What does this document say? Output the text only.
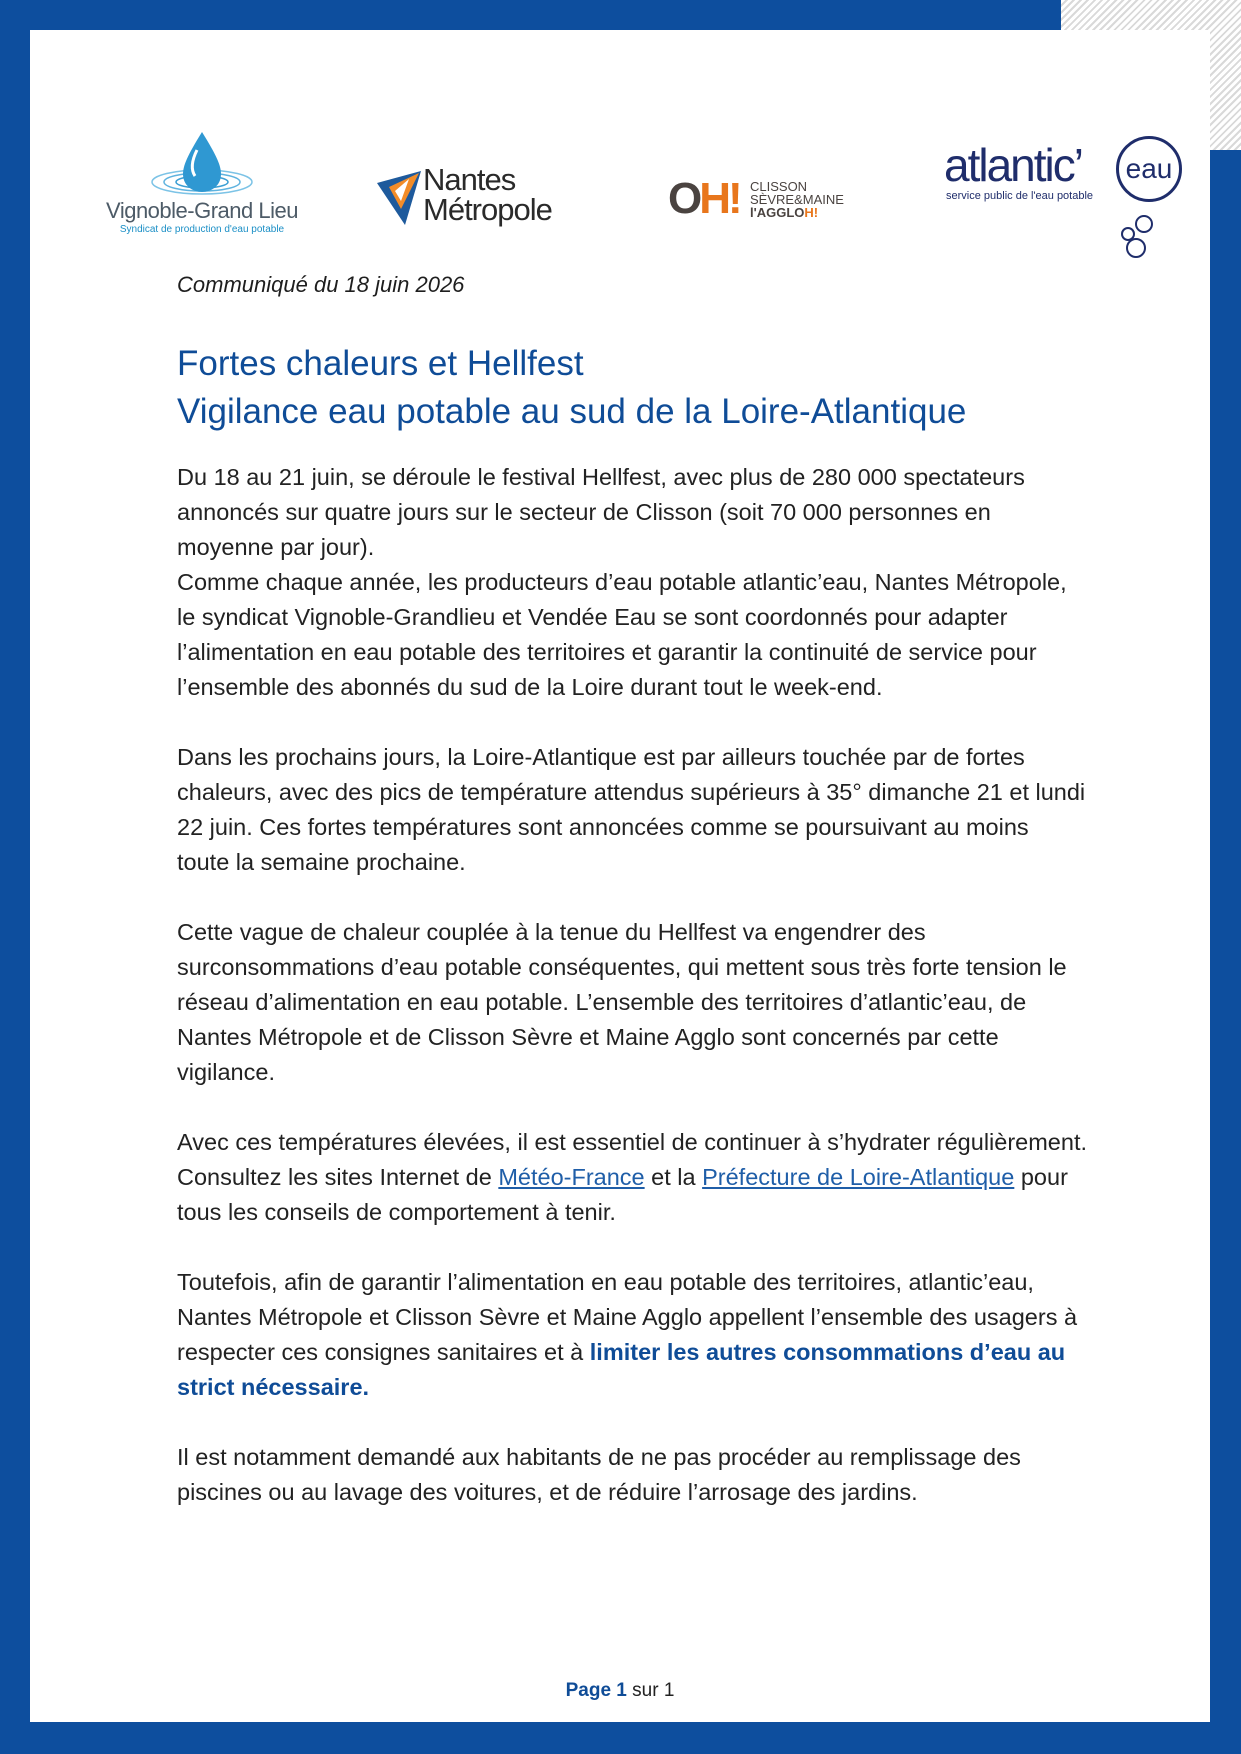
Vignoble-Grand Lieu
Syndicat de production d'eau potable
Nantes
Métropole	OH! CLISSON
SÈVRE&MAINE
l'AGGLOH!
atlantic’	eau
service public de l'eau potable

Communiqué du 18 juin 2026

Fortes chaleurs et Hellfest
Vigilance eau potable au sud de la Loire-Atlantique

Du 18 au 21 juin, se déroule le festival Hellfest, avec plus de 280 000 spectateurs annoncés sur quatre jours sur le secteur de Clisson (soit 70 000 personnes en moyenne par jour).
Comme chaque année, les producteurs d’eau potable atlantic’eau, Nantes Métropole, le syndicat Vignoble-Grandlieu et Vendée Eau se sont coordonnés pour adapter l’alimentation en eau potable des territoires et garantir la continuité de service pour l’ensemble des abonnés du sud de la Loire durant tout le week-end.

Dans les prochains jours, la Loire-Atlantique est par ailleurs touchée par de fortes chaleurs, avec des pics de température attendus supérieurs à 35° dimanche 21 et lundi 22 juin. Ces fortes températures sont annoncées comme se poursuivant au moins toute la semaine prochaine.

Cette vague de chaleur couplée à la tenue du Hellfest va engendrer des surconsommations d’eau potable conséquentes, qui mettent sous très forte tension le réseau d’alimentation en eau potable. L’ensemble des territoires d’atlantic’eau, de Nantes Métropole et de Clisson Sèvre et Maine Agglo sont concernés par cette vigilance.

Avec ces températures élevées, il est essentiel de continuer à s’hydrater régulièrement. Consultez les sites Internet de Météo-France et la Préfecture de Loire-Atlantique pour tous les conseils de comportement à tenir.

Toutefois, afin de garantir l’alimentation en eau potable des territoires, atlantic’eau, Nantes Métropole et Clisson Sèvre et Maine Agglo appellent l’ensemble des usagers à respecter ces consignes sanitaires et à limiter les autres consommations d’eau au strict nécessaire.

Il est notamment demandé aux habitants de ne pas procéder au remplissage des piscines ou au lavage des voitures, et de réduire l’arrosage des jardins.

Page 1 sur 1
